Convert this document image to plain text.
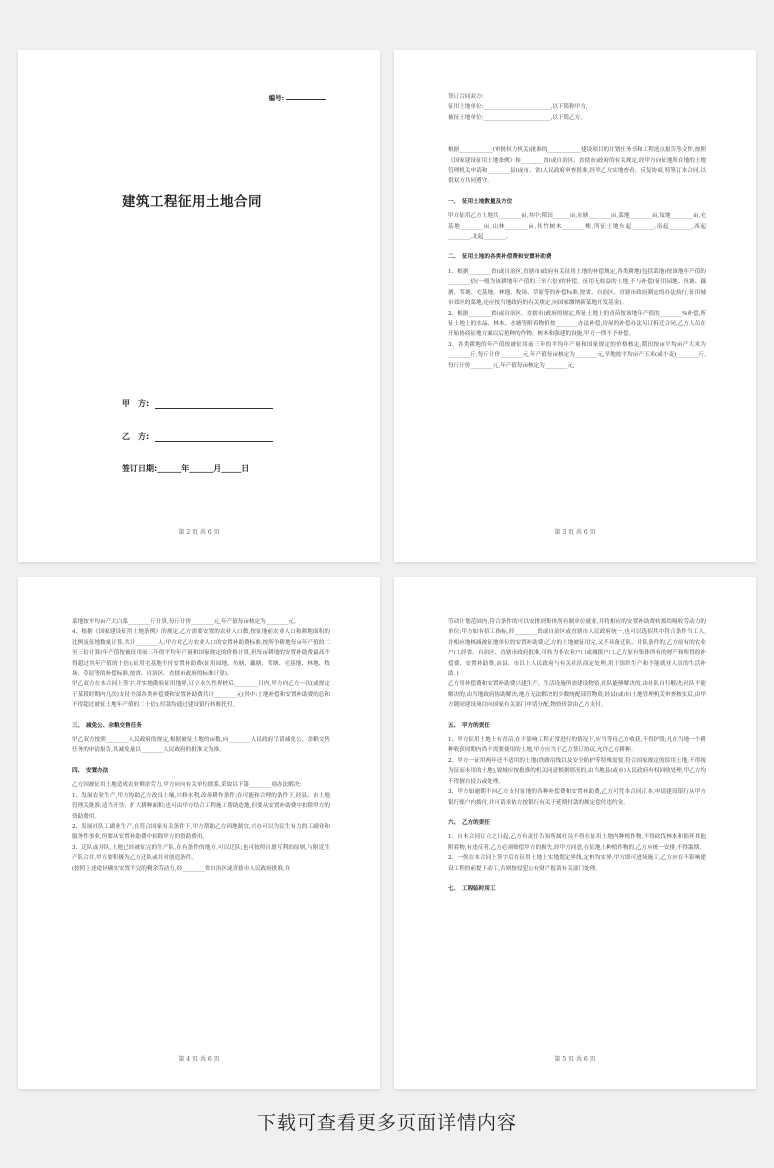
编号:
建筑工程征用土地合同
甲　方:
乙　方:
签订日期:______年______月_____日
第 2 页 共 6 页

签订合同双方:

征用土地单位:________________________,以下简称甲方,

被征土地单位:________________________,以下简乙方。

根据____________(审批权力机关)批准的____________建设项目的计划任务书和工程选点报告等文件,按照《国家建设征用土地条例》和________省(或自治区、直辖市)政府的有关规定,经甲方向征地所在地的土地管理机关申请和________县(或市、省)人民政府审查批准,经甲乙方实地查看、反复协商,特签订本合同,以供双方共同遵守。

一、　征用土地数量及方位

甲方征用乙方土地共________亩,其中:稻田______亩,水塘________亩,菜地________亩,坟地________亩,宅基地________亩,山林________亩,其竹树木________株,所征土地东起________,南起________,西起________,北起________。

二、　征用土地的各类补偿费和安置补助费

1、根据________省(或自治区,直辖市)政府有关征用土地的补偿规定,各类耕地(包括菜地)按该地年产值的________倍(一般为该耕地年产值的三至六倍)的补偿。征用无收益的土地,不与补偿(征用园地、鱼塘、藕塘、苇塘、宅基地、林地、牧场、草原等的补偿标准,按省、自治区、直辖市政府制定的办法执行;征用城市郊区的菜地,还应按当地政府的有关规定,向国家缴纳新菜地开发基金)。

2、根据________省(或自治区、直辖市)政府的规定,所征土地上的青苗按该地年产值的________%补偿,所征土地上的水晶、林木、水塘等附着物价按________办法补偿,房屋的补偿办法另订拆迁合同,乙方人员在开始协商征地方案以后抢种的作物、树木和强建的设施,甲方一律不予补偿。

3、各类耕地的年产值按被征用前三年的平均年产量和国家规定的价格核定,稻田按亩平均亩产大米为________斤,每斤计价________元,年产值每亩核定为________元,旱地按平均亩产玉米(或小麦)________斤,每斤计价________元,年产值每亩核定为________元,

第 3 页 共 6 页

菜地按平均亩产大白菜________斤计算,每斤计价________元,年产值每亩核定为________元。

4、根据《国家建设征用土地条例》的规定,乙方需要安置的农业人口数,按征地前农业人口和耕地面积的比例及征地数量计算,共计________人;甲方对乙方农业人口的安置补助费标准,按所争耕地每亩年产值的二至三倍计算(年产值按被征用前三年的平均年产量和国家规定的价格计算,但每亩耕地的安置补助费最高不得超过其年产值的十倍);征用宅基地不付安置补助费(征用园地、鱼塘、藕塘、苇塘、宅基地、林地、牧场、草原等的补偿标准,按省、自治区、直辖市政府的标准计算)。

甲乙双方在本合同上签字,并实地勘验征用地界,订立永久性界桩后,________日内,甲方向乙方一次(或规定于某段时期内几次)支付全部各类补偿费和安置补助费共计________元(其中:土地补偿和安置补助费的总和不得超过被征土地年产值的二十倍),付款均通过建设银行转账托付。

三、　减免公、余粮交售任务

甲乙双方按照________人民政府的规定,根据被征土地的亩数,向________人民政府呈请减免公、余粮交售任务的申请报告,其减免量以________人民政府的批准文为准。

四、　安置办法

乙方因被征用土地造成农业剩余劳力,甲方应向有关单位联系,采取以下第________项办法解决:

1、发展农业生产,甲方协助乙方改良土壤,兴修水利,改善耕作条件;在可能和合理的条件下,经县、市土地管理关批准,适当开垦、扩大耕种面积;也可由甲方结合工程施工帮助造地,但要从安置补助费中扣除甲方的资助费用。

2、发展社队工副业生产,在符合国家有关条件下,甲方帮助乙方因地制宜,兴办可以为民生有力的工副业和服务性事业,但要从安置补助费中扣除甲方的资助费用。

3、迁队或并队,土地已经被征完的生产队,在有条件的地方,可以迁队;也可按照自愿互利的原则,与附近生产队合并,甲方要积极为乙方迁队或并对创造条件。

(按照上述途径确实安置不完的剩余劳动力,经________省自治区或直辖市人民政府批准,在

第 4 页 共 6 页

劳动计划范围内,符合条件的可以安排到集体所有制单位就业,并将相应的安置补助费转拨给吸收劳动力的单位;甲方如有招工指标,经________省或自治区或直辖市人民政府统一,也可以选招其中符合条件当工人,并相应地核减被征地单位的安置补助费;乙方的土地被征用完,又不具备迁队、并队条件的,乙方原有的农业户口,经省、自治区、直辖市政府批准,可转为非农业户口或城镇户口,乙方原有集体所有的财产和所得的补偿费、安置补助费,由县、市以上人民政府与有关社队商定处理,用于组织生产和不能就业人员的生活补助。)

乙方用补偿费和安置补助费兴建生产、生活设施所需建设物资,社队能够解决的,由社队自行解决;社队不能解决的,由当地政府协助解决;地方无法解决的少数统配部管物资,经县(或市)土地管理机关审查核实后,由甲方随同建设项目向国家有关部门申请分配,物资价款由乙方支付。

五、　甲方的责任

1、甲方征用土地上有青苗,在不影响工程正常进行的情况下,应当等待乙方收获,不得铲毁;凡在当地一个耕种收获周期内尚不需要使用的土地,甲方应当于乙方签订协议,允许乙方耕种。

2、甲方一证用两年还不适用的土地(铁路沿线以及安全防护等特殊需要,符合国家规定的留用土地,不得视为征而未用的土地),致域应按批准的机关同意根据情况的,由当地县(或市)人民政府有权回收处理,甲乙方均不得擅自侵占或处理。

3、甲方如逾期不向乙方支付征地的各种补偿费和安置补助费,乙方可凭本合同正本,申请建设银行从甲方银行账户内拨付,并可请求依方按银行有关于延期付款的规定偿付违约金。

六、　乙方的责任

1、自本合同订立之日起,乙方有责任告知所属社员不得在征用土地内种植作物,不得砍伐林木和损坏其他附着物,有违反者,乙方必须赔偿甲方的损失,经甲方同意,在征地上种植作物的,乙方应统一安排,不得滥期。

2、一俟在本合同上签字后在征用土地上实地划定界线,定桩均实界,甲方即可进场施工,乙方应在不影响建设工程的前提下动工,否则按侵犯公有财产报请有关部门处理。

七、　工程临时用工

第 5 页 共 6 页
下载可查看更多页面详情内容
